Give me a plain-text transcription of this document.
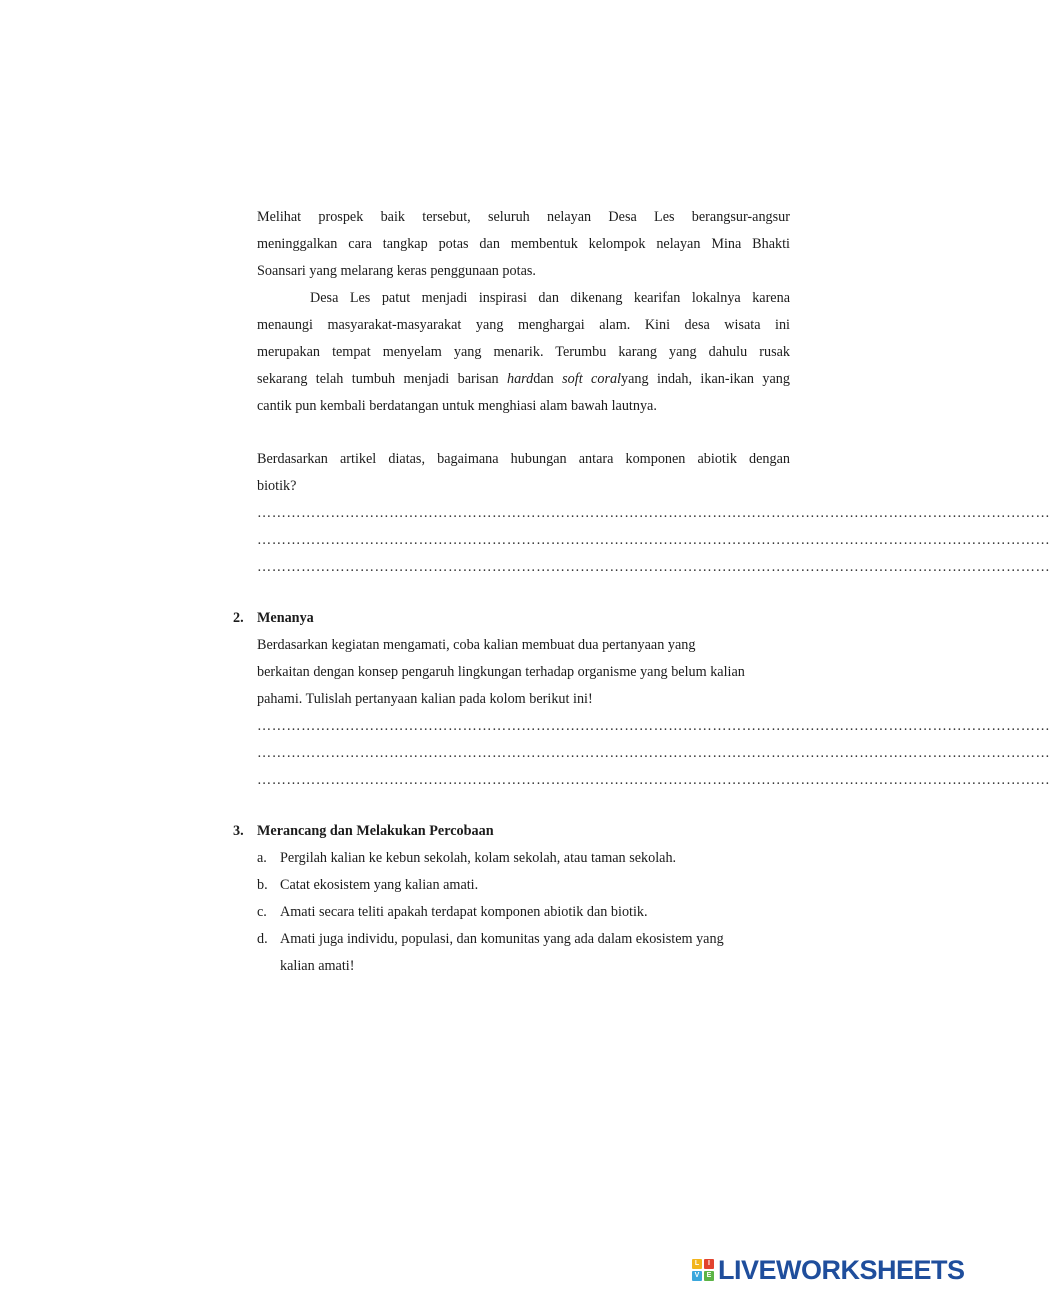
Melihat prospek baik tersebut, seluruh nelayan Desa Les berangsur-angsur
meninggalkan cara tangkap potas dan membentuk kelompok nelayan Mina Bhakti
Soansari yang melarang keras penggunaan potas.
Desa Les patut menjadi inspirasi dan dikenang kearifan lokalnya karena
menaungi masyarakat-masyarakat yang menghargai alam. Kini desa wisata ini
merupakan tempat menyelam yang menarik. Terumbu karang yang dahulu rusak
sekarang telah tumbuh menjadi barisan harddan soft coralyang indah, ikan-ikan yang
cantik pun kembali berdatangan untuk menghiasi alam bawah lautnya.
Berdasarkan artikel diatas, bagaimana hubungan antara komponen abiotik dengan
biotik?
………………………………………………………………………………………………………………………………………………
………………………………………………………………………………………………………………………………………………
………………………………………………………………………………………………………………………………………………
2. Menanya
Berdasarkan kegiatan mengamati, coba kalian membuat dua pertanyaan yang
berkaitan dengan konsep pengaruh lingkungan terhadap organisme yang belum kalian
pahami. Tulislah pertanyaan kalian pada kolom berikut ini!
………………………………………………………………………………………………………………………………………………
………………………………………………………………………………………………………………………………………………
………………………………………………………………………………………………………………………………………………
3. Merancang dan Melakukan Percobaan
a. Pergilah kalian ke kebun sekolah, kolam sekolah, atau taman sekolah.
b. Catat ekosistem yang kalian amati.
c. Amati secara teliti apakah terdapat komponen abiotik dan biotik.
d. Amati juga individu, populasi, dan komunitas yang ada dalam ekosistem yang
kalian amati!
L	I
V	E LIVEWORKSHEETS
